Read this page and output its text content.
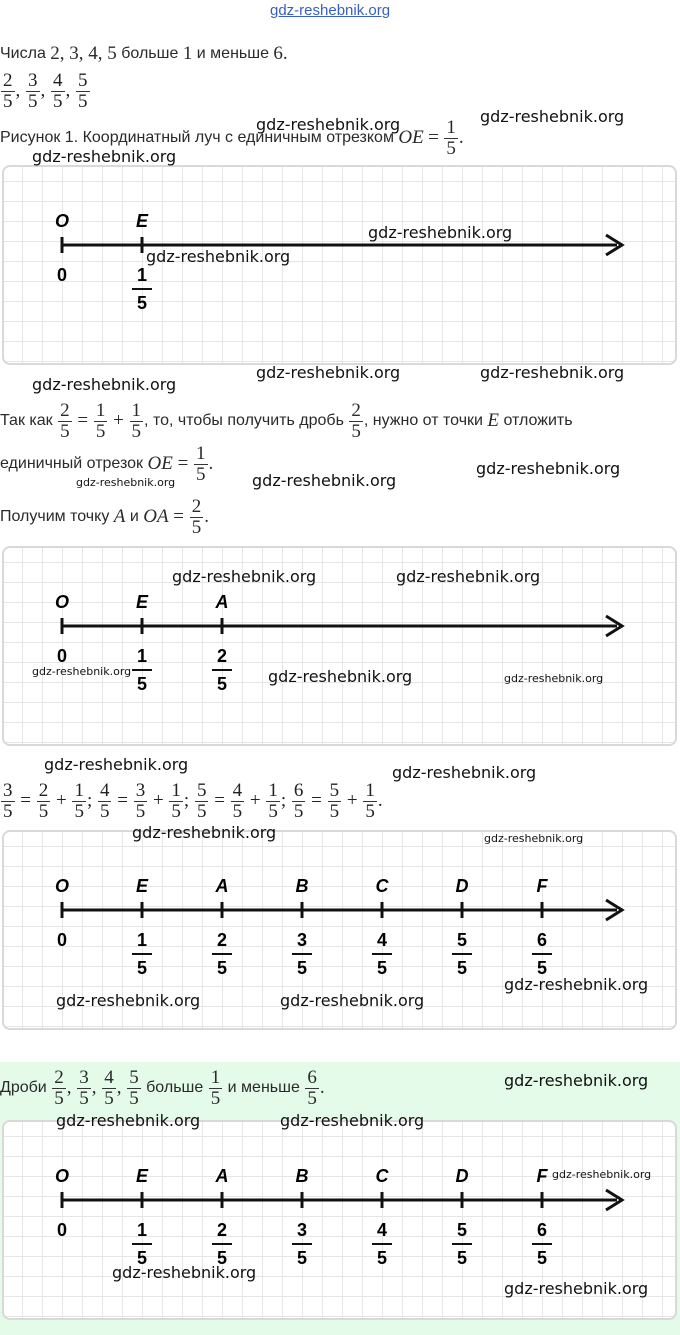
gdz-reshebnik.org
Числа
2 , 3 , 4 , 5
больше
1
и меньше
6 .
$\frac{2}{5}$ , $\frac{3}{5}$ , $\frac{4}{5}$ , $\frac{5}{5}$
Рисунок 1. Координатный луч с единичным отрезком
OE
=
$\frac{1}{5}$ .
O	E
0	1
5
Так как
$\frac{2}{5} = \frac{1}{5} + \frac{1}{5}$ , то, чтобы получить дробь
$\frac{2}{5}$ , нужно от точки
E
отложить
единичный отрезок
OE = $\frac{1}{5}$ .
Получим точку
A
и
OA = $\frac{2}{5}$ .
O	E	A
0	1
5
2
5
$\frac{3}{5} = \frac{2}{5} + \frac{1}{5}$ ; $\frac{4}{5} = \frac{3}{5} + \frac{1}{5}$ ; $\frac{5}{5} = \frac{4}{5} + \frac{1}{5}$ ; $\frac{6}{5} = \frac{5}{5} + \frac{1}{5}$ .
O
0
E
1
5
A
2
5
B
3
5
C
4
5
D
5
5
F
6
5
Дроби
$\frac{2}{5}$ , $\frac{3}{5}$ , $\frac{4}{5}$ , $\frac{5}{5}$
больше
$\frac{1}{5}$
и меньше
$\frac{6}{5}$ .
O
0
E
1
5
A
2
5
B
3
5
C
4
5
D
5
5
F
6
5
gdz-reshebnik.org	gdz-reshebnik.org
gdz-reshebnik.org
gdz-reshebnik.org
gdz-reshebnik.org
gdz-reshebnik.org	gdz-reshebnik.org
gdz-reshebnik.org
gdz-reshebnik.org
gdz-reshebnik.org	gdz-reshebnik.org
gdz-reshebnik.org	gdz-reshebnik.org
gdz-reshebnik.org	gdz-reshebnik.org	gdz-reshebnik.org
gdz-reshebnik.org	gdz-reshebnik.org
gdz-reshebnik.org	gdz-reshebnik.org
gdz-reshebnik.org	gdz-reshebnik.org
gdz-reshebnik.org
gdz-reshebnik.org
gdz-reshebnik.org	gdz-reshebnik.org
gdz-reshebnik.org
gdz-reshebnik.org
gdz-reshebnik.org
